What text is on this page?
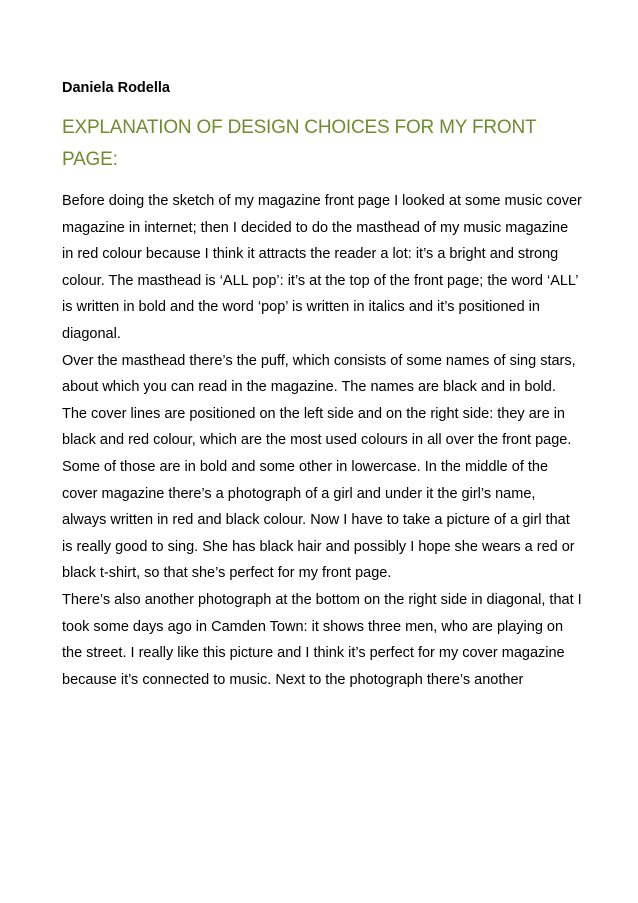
Daniela Rodella

EXPLANATION OF DESIGN CHOICES FOR MY FRONT
PAGE:

Before doing the sketch of my magazine front page I looked at some music cover magazine in internet; then I decided to do the masthead of my music magazine in red colour because I think it attracts the reader a lot: it’s a bright and strong colour. The masthead is ‘ALL pop’: it’s at the top of the front page; the word ‘ALL’ is written in bold and the word ‘pop’ is written in italics and it’s positioned in diagonal.

Over the masthead there’s the puff, which consists of some names of sing stars, about which you can read in the magazine. The names are black and in bold.

The cover lines are positioned on the left side and on the right side: they are in black and red colour, which are the most used colours in all over the front page. Some of those are in bold and some other in lowercase. In the middle of the cover magazine there’s a photograph of a girl and under it the girl’s name, always written in red and black colour. Now I have to take a picture of a girl that is really good to sing. She has black hair and possibly I hope she wears a red or black t-shirt, so that she’s perfect for my front page.

There’s also another photograph at the bottom on the right side in diagonal, that I took some days ago in Camden Town: it shows three men, who are playing on the street. I really like this picture and I think it’s perfect for my cover magazine because it’s connected to music. Next to the photograph there’s another
